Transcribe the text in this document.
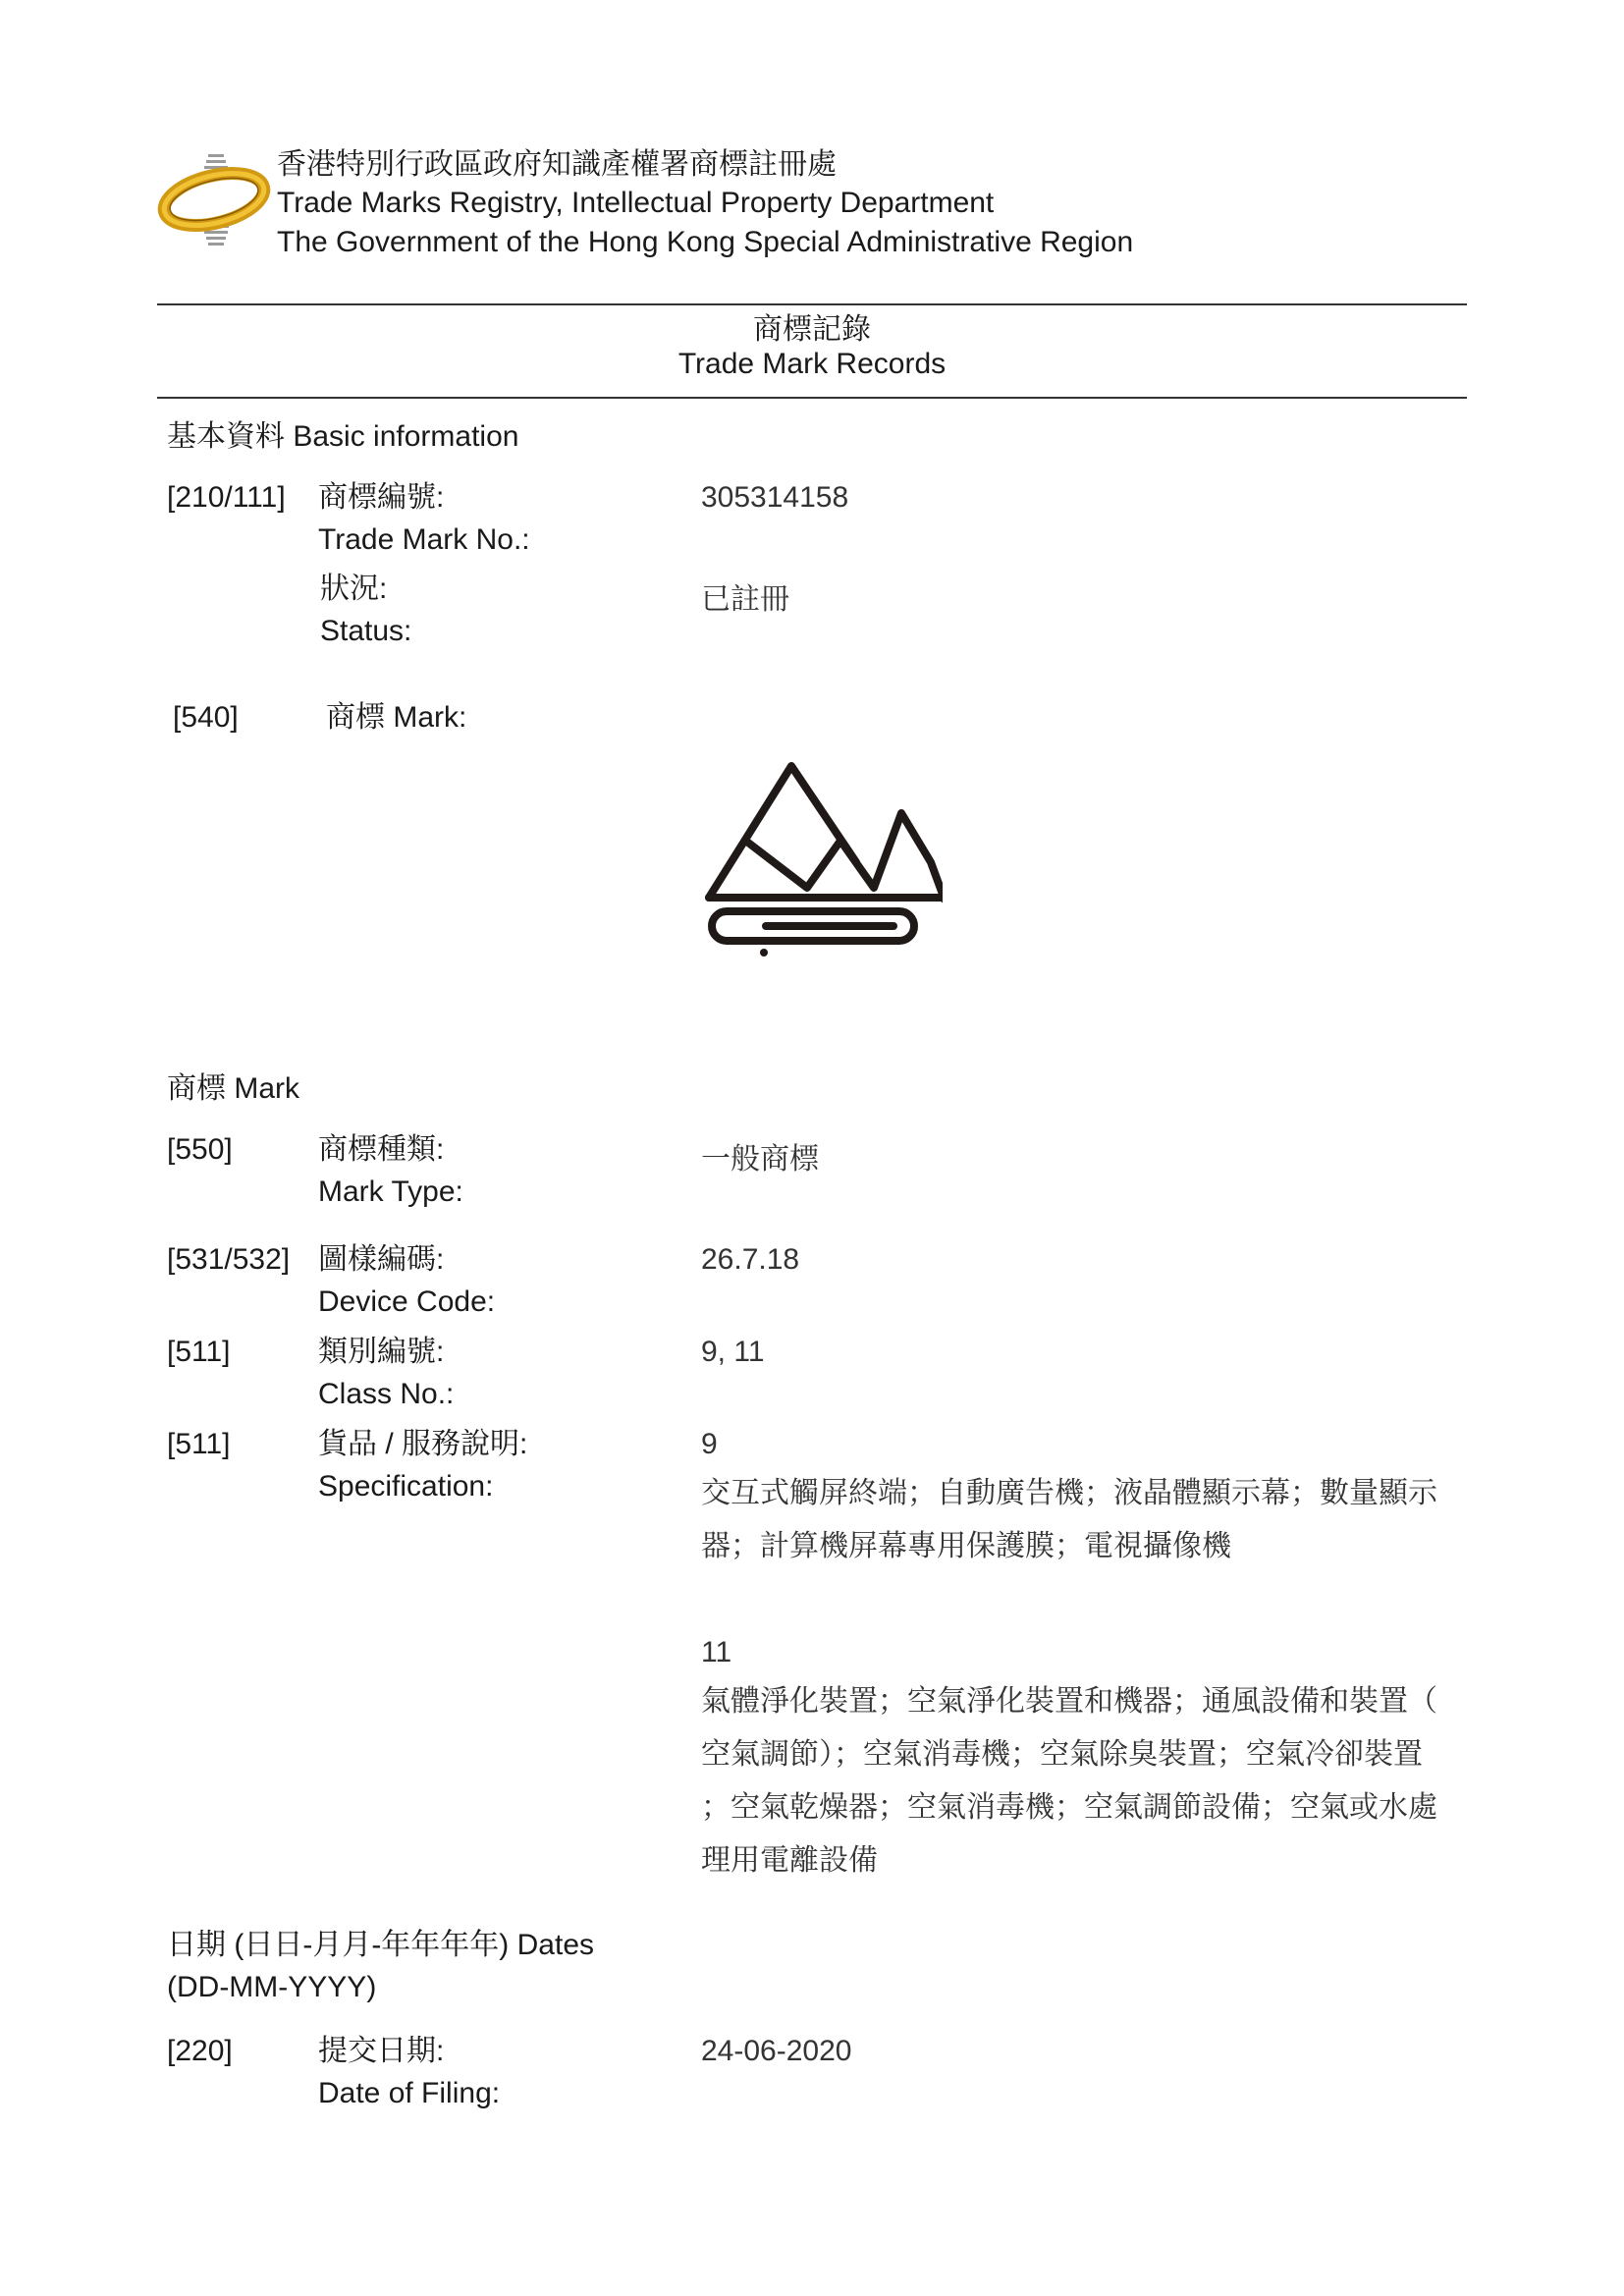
香港特別行政區政府知識產權署商標註冊處
Trade Marks Registry, Intellectual Property Department
The Government of the Hong Kong Special Administrative Region
商標記錄
Trade Mark Records
基本資料 Basic information
[210/111] 商標編號:
Trade Mark No.:
305314158
狀況:
Status:
已註冊
[540]	商標 Mark:
商標 Mark
[550]	商標種類:
Mark Type:
一般商標
[531/532] 圖樣編碼:
Device Code:
26.7.18
[511]	類別編號:
Class No.:
9, 11
[511]	貨品 / 服務說明:
Specification:
9
交互式觸屏終端；自動廣告機；液晶體顯示幕；數量顯示
器；計算機屏幕專用保護膜；電視攝像機
11
氣體淨化裝置；空氣淨化裝置和機器；通風設備和裝置（
空氣調節）；空氣消毒機；空氣除臭裝置；空氣冷卻裝置
；空氣乾燥器；空氣消毒機；空氣調節設備；空氣或水處
理用電離設備
日期 (日日-月月-年年年年) Dates
(DD-MM-YYYY)
[220]	提交日期:
Date of Filing:
24-06-2020
